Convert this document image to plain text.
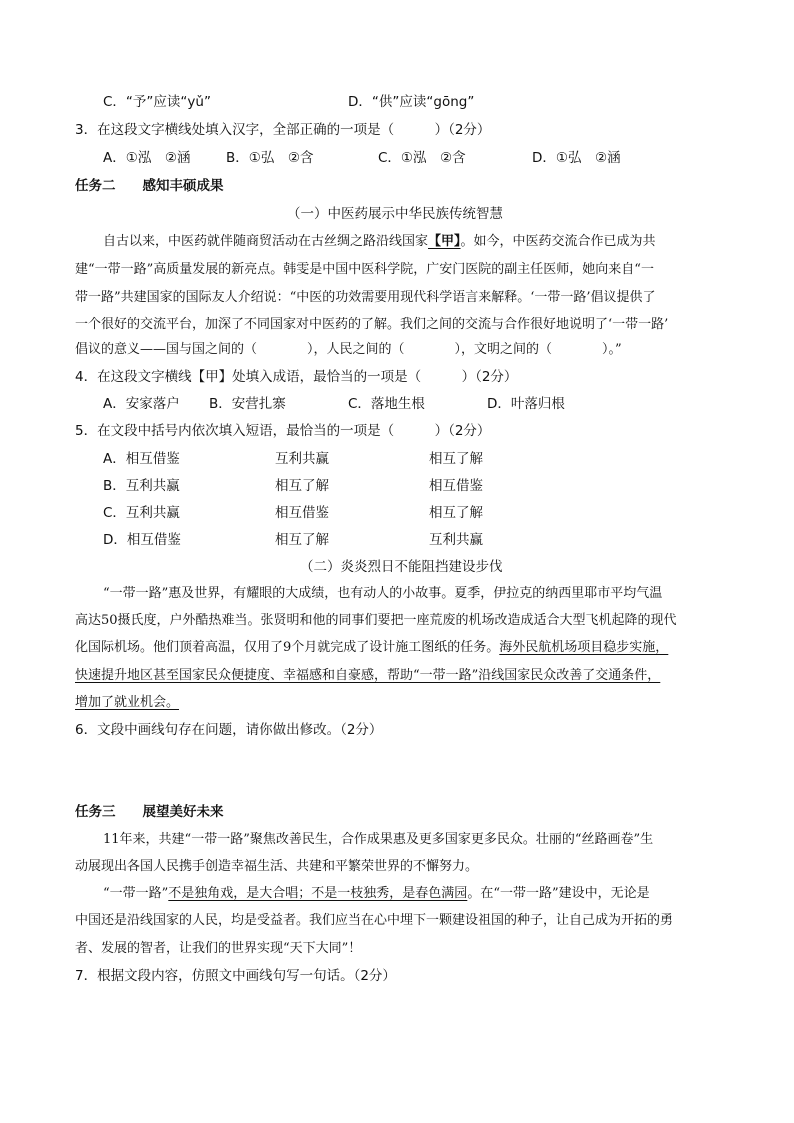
C．“予”应读“yǔ”	D．“供”应读“gōng”
3．在这段文字横线处填入汉字，全部正确的一项是（　　　）（2分）
A．①泓　②涵	B．①弘　②含	C．①泓　②含	D．①弘　②涵
任务二　　感知丰硕成果
（一）中医药展示中华民族传统智慧
自古以来，中医药就伴随商贸活动在古丝绸之路沿线国家【甲】。如今，中医药交流合作已成为共
建“一带一路”高质量发展的新亮点。韩雯是中国中医科学院，广安门医院的副主任医师，她向来自“一
带一路”共建国家的国际友人介绍说：“中医的功效需要用现代科学语言来解释。‘一带一路’倡议提供了
一个很好的交流平台，加深了不同国家对中医药的了解。我们之间的交流与合作很好地说明了‘一带一路’
倡议的意义——国与国之间的（	），人民之间的（	），文明之间的（	）。”
4．在这段文字横线【甲】处填入成语，最恰当的一项是（　　　）（2分）
A．安家落户 B．安营扎寨	C．落地生根	D．叶落归根
5．在文段中括号内依次填入短语，最恰当的一项是（　　　）（2分）
A．相互借鉴	互利共赢	相互了解
B．互利共赢	相互了解	相互借鉴
C．互利共赢	相互借鉴	相互了解
D．相互借鉴	相互了解	互利共赢
（二）炎炎烈日不能阻挡建设步伐
“一带一路”惠及世界，有耀眼的大成绩，也有动人的小故事。夏季，伊拉克的纳西里耶市平均气温
高达50摄氏度，户外酷热难当。张贤明和他的同事们要把一座荒废的机场改造成适合大型飞机起降的现代
化国际机场。他们顶着高温，仅用了9个月就完成了设计施工图纸的任务。海外民航机场项目稳步实施，
快速提升地区甚至国家民众便捷度、幸福感和自豪感，帮助“一带一路”沿线国家民众改善了交通条件，
增加了就业机会。
6．文段中画线句存在问题，请你做出修改。（2分）
任务三　　展望美好未来
11年来，共建“一带一路”聚焦改善民生，合作成果惠及更多国家更多民众。壮丽的“丝路画卷”生
动展现出各国人民携手创造幸福生活、共建和平繁荣世界的不懈努力。
“一带一路”不是独角戏，是大合唱；不是一枝独秀，是春色满园。在“一带一路”建设中，无论是
中国还是沿线国家的人民，均是受益者。我们应当在心中埋下一颗建设祖国的种子，让自己成为开拓的勇
者、发展的智者，让我们的世界实现“天下大同”！
7．根据文段内容，仿照文中画线句写一句话。（2分）
